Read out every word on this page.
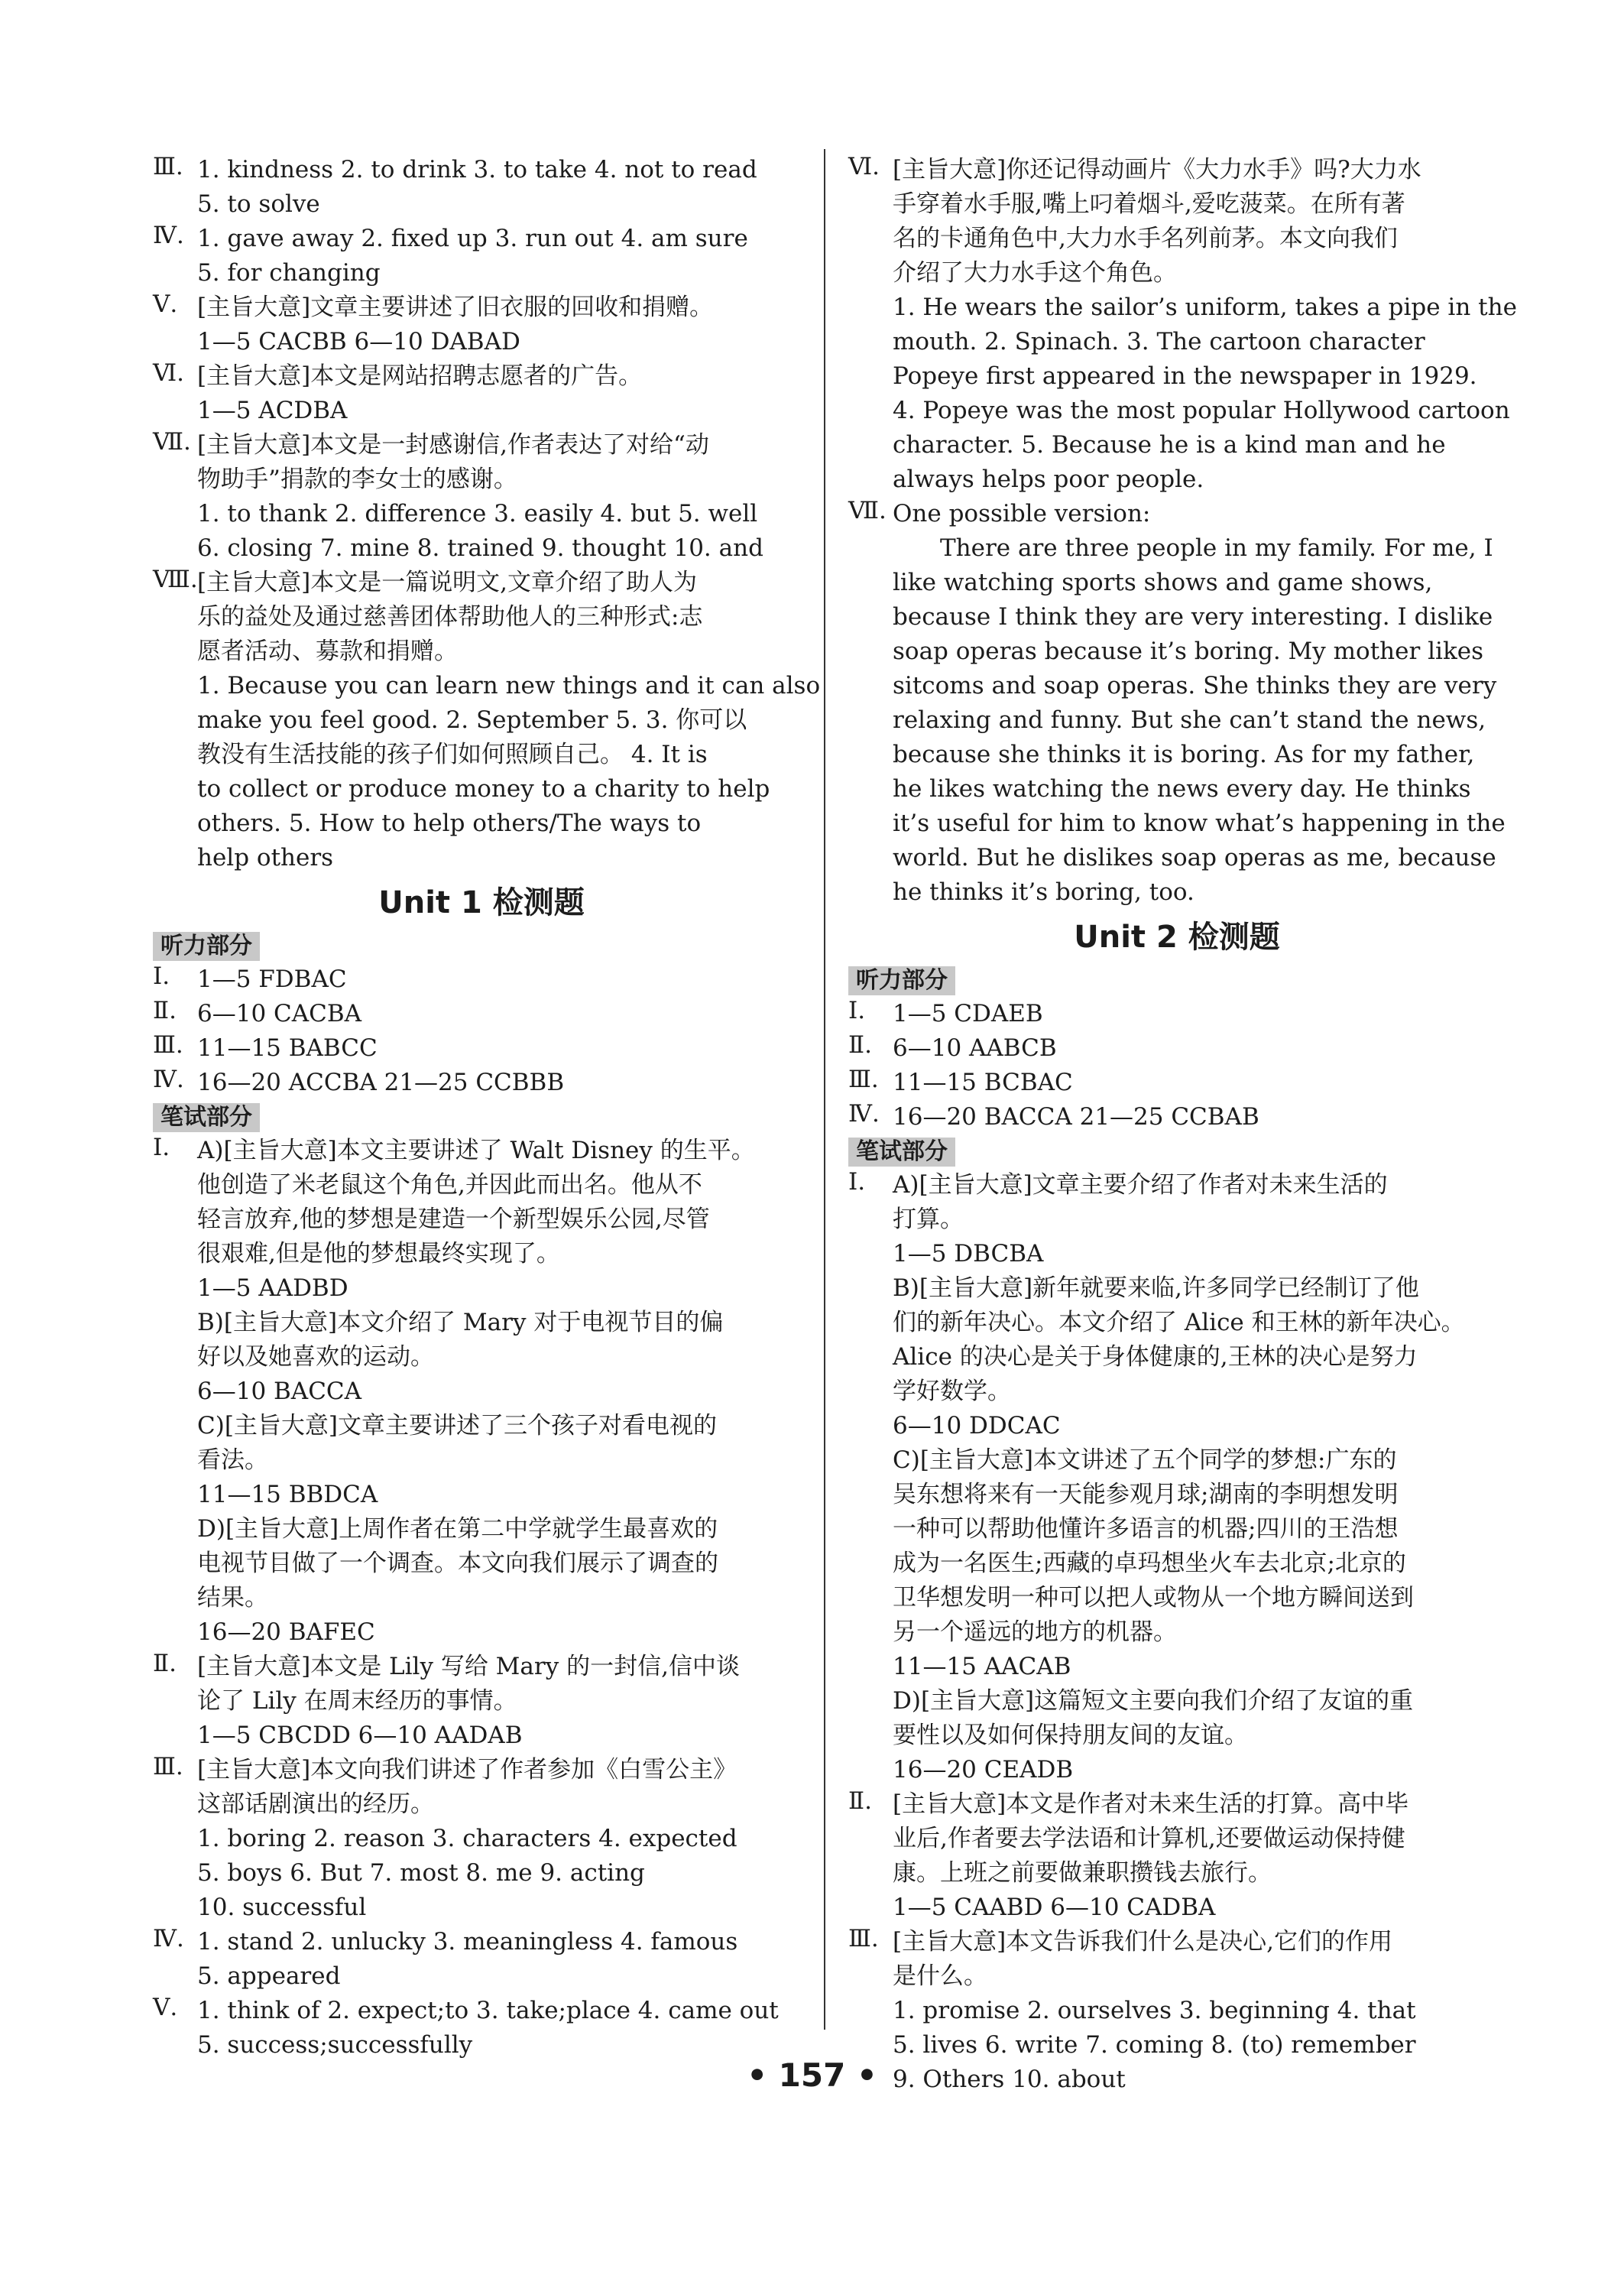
Ⅲ. 1. kindness 2. to drink 3. to take 4. not to read
5. to solve
Ⅳ. 1. gave away 2. fixed up 3. run out 4. am sure
5. for changing
Ⅴ. [主旨大意]文章主要讲述了旧衣服的回收和捐赠。
1—5 CACBB 6—10 DABAD
Ⅵ. [主旨大意]本文是网站招聘志愿者的广告。
1—5 ACDBA
Ⅶ. [主旨大意]本文是一封感谢信,作者表达了对给“动
物助手”捐款的李女士的感谢。
1. to thank 2. difference 3. easily 4. but 5. well
6. closing 7. mine 8. trained 9. thought 10. and
Ⅷ. [主旨大意]本文是一篇说明文,文章介绍了助人为
乐的益处及通过慈善团体帮助他人的三种形式:志
愿者活动、募款和捐赠。
1. Because you can learn new things and it can also
make you feel good. 2. September 5. 3. 你可以
教没有生活技能的孩子们如何照顾自己。 4. It is
to collect or produce money to a charity to help
others. 5. How to help others/The ways to
help others
Unit 1 检测题
听力部分
Ⅰ. 1—5 FDBAC
Ⅱ. 6—10 CACBA
Ⅲ. 11—15 BABCC
Ⅳ. 16—20 ACCBA 21—25 CCBBB
笔试部分
Ⅰ. A)[主旨大意]本文主要讲述了 Walt Disney 的生平。
他创造了米老鼠这个角色,并因此而出名。他从不
轻言放弃,他的梦想是建造一个新型娱乐公园,尽管
很艰难,但是他的梦想最终实现了。
1—5 AADBD
B)[主旨大意]本文介绍了 Mary 对于电视节目的偏
好以及她喜欢的运动。
6—10 BACCA
C)[主旨大意]文章主要讲述了三个孩子对看电视的
看法。
11—15 BBDCA
D)[主旨大意]上周作者在第二中学就学生最喜欢的
电视节目做了一个调查。本文向我们展示了调查的
结果。
16—20 BAFEC
Ⅱ. [主旨大意]本文是 Lily 写给 Mary 的一封信,信中谈
论了 Lily 在周末经历的事情。
1—5 CBCDD 6—10 AADAB
Ⅲ. [主旨大意]本文向我们讲述了作者参加《白雪公主》
这部话剧演出的经历。
1. boring 2. reason 3. characters 4. expected
5. boys 6. But 7. most 8. me 9. acting
10. successful
Ⅳ. 1. stand 2. unlucky 3. meaningless 4. famous
5. appeared
Ⅴ. 1. think of 2. expect;to 3. take;place 4. came out
5. success;successfully
Ⅵ. [主旨大意]你还记得动画片《大力水手》吗?大力水
手穿着水手服,嘴上叼着烟斗,爱吃菠菜。在所有著
名的卡通角色中,大力水手名列前茅。本文向我们
介绍了大力水手这个角色。
1. He wears the sailor’s uniform, takes a pipe in the
mouth. 2. Spinach. 3. The cartoon character
Popeye first appeared in the newspaper in 1929.
4. Popeye was the most popular Hollywood cartoon
character. 5. Because he is a kind man and he
always helps poor people.
Ⅶ. One possible version:
There are three people in my family. For me, I like watching sports shows and game shows, because I think they are very interesting. I dislike soap operas because it’s boring. My mother likes sitcoms and soap operas. She thinks they are very relaxing and funny. But she can’t stand the news, because she thinks it is boring. As for my father, he likes watching the news every day. He thinks it’s useful for him to know what’s happening in the world. But he dislikes soap operas as me, because he thinks it’s boring, too.
Unit 2 检测题
听力部分
Ⅰ. 1—5 CDAEB
Ⅱ. 6—10 AABCB
Ⅲ. 11—15 BCBAC
Ⅳ. 16—20 BACCA 21—25 CCBAB
笔试部分
Ⅰ. A)[主旨大意]文章主要介绍了作者对未来生活的
打算。
1—5 DBCBA
B)[主旨大意]新年就要来临,许多同学已经制订了他
们的新年决心。本文介绍了 Alice 和王林的新年决心。
Alice 的决心是关于身体健康的,王林的决心是努力
学好数学。
6—10 DDCAC
C)[主旨大意]本文讲述了五个同学的梦想:广东的
吴东想将来有一天能参观月球;湖南的李明想发明
一种可以帮助他懂许多语言的机器;四川的王浩想
成为一名医生;西藏的卓玛想坐火车去北京;北京的
卫华想发明一种可以把人或物从一个地方瞬间送到
另一个遥远的地方的机器。
11—15 AACAB
D)[主旨大意]这篇短文主要向我们介绍了友谊的重
要性以及如何保持朋友间的友谊。
16—20 CEADB
Ⅱ. [主旨大意]本文是作者对未来生活的打算。高中毕
业后,作者要去学法语和计算机,还要做运动保持健
康。上班之前要做兼职攒钱去旅行。
1—5 CAABD 6—10 CADBA
Ⅲ. [主旨大意]本文告诉我们什么是决心,它们的作用
是什么。
1. promise 2. ourselves 3. beginning 4. that
5. lives 6. write 7. coming 8. (to) remember
9. Others 10. about
• 157 •
